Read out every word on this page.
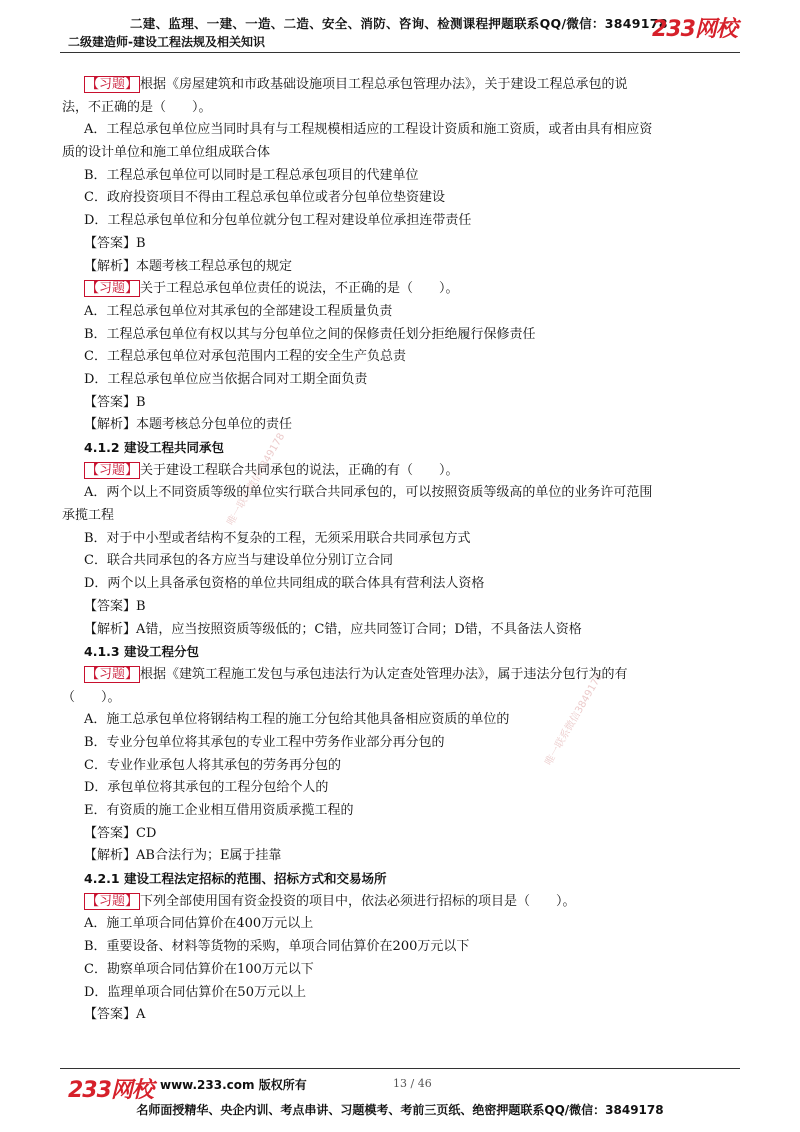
二建、监理、一建、一造、二造、安全、消防、咨询、检测课程押题联系QQ/微信：3849178
二级建造师-建设工程法规及相关知识	233网校
唯一联系微信3849178
唯一联系微信3849178
【习题】 根据《房屋建筑和市政基础设施项目工程总承包管理办法》，关于建设工程总承包的说
法，不正确的是（　　）。
A．工程总承包单位应当同时具有与工程规模相适应的工程设计资质和施工资质，或者由具有相应资
质的设计单位和施工单位组成联合体
B．工程总承包单位可以同时是工程总承包项目的代建单位
C．政府投资项目不得由工程总承包单位或者分包单位垫资建设
D．工程总承包单位和分包单位就分包工程对建设单位承担连带责任
【答案】B
【解析】本题考核工程总承包的规定
【习题】 关于工程总承包单位责任的说法，不正确的是（　　）。
A．工程总承包单位对其承包的全部建设工程质量负责
B．工程总承包单位有权以其与分包单位之间的保修责任划分拒绝履行保修责任
C．工程总承包单位对承包范围内工程的安全生产负总责
D．工程总承包单位应当依据合同对工期全面负责
【答案】B
【解析】本题考核总分包单位的责任
4.1.2 建设工程共同承包
【习题】 关于建设工程联合共同承包的说法，正确的有（　　）。
A．两个以上不同资质等级的单位实行联合共同承包的，可以按照资质等级高的单位的业务许可范围
承揽工程
B．对于中小型或者结构不复杂的工程，无须采用联合共同承包方式
C．联合共同承包的各方应当与建设单位分别订立合同
D．两个以上具备承包资格的单位共同组成的联合体具有营利法人资格
【答案】B
【解析】A错，应当按照资质等级低的；C错，应共同签订合同；D错，不具备法人资格
4.1.3 建设工程分包
【习题】 根据《建筑工程施工发包与承包违法行为认定查处管理办法》，属于违法分包行为的有
（　　）。
A．施工总承包单位将钢结构工程的施工分包给其他具备相应资质的单位的
B．专业分包单位将其承包的专业工程中劳务作业部分再分包的
C．专业作业承包人将其承包的劳务再分包的
D．承包单位将其承包的工程分包给个人的
E．有资质的施工企业相互借用资质承揽工程的
【答案】CD
【解析】AB合法行为；E属于挂靠
4.2.1 建设工程法定招标的范围、招标方式和交易场所
【习题】 下列全部使用国有资金投资的项目中，依法必须进行招标的项目是（　　）。
A．施工单项合同估算价在400万元以上
B．重要设备、材料等货物的采购，单项合同估算价在200万元以下
C．勘察单项合同估算价在100万元以下
D．监理单项合同估算价在50万元以上
【答案】A
233网校 www.233.com 版权所有	13 / 46
名师面授精华、央企内训、考点串讲、习题模考、考前三页纸、绝密押题联系QQ/微信：3849178
